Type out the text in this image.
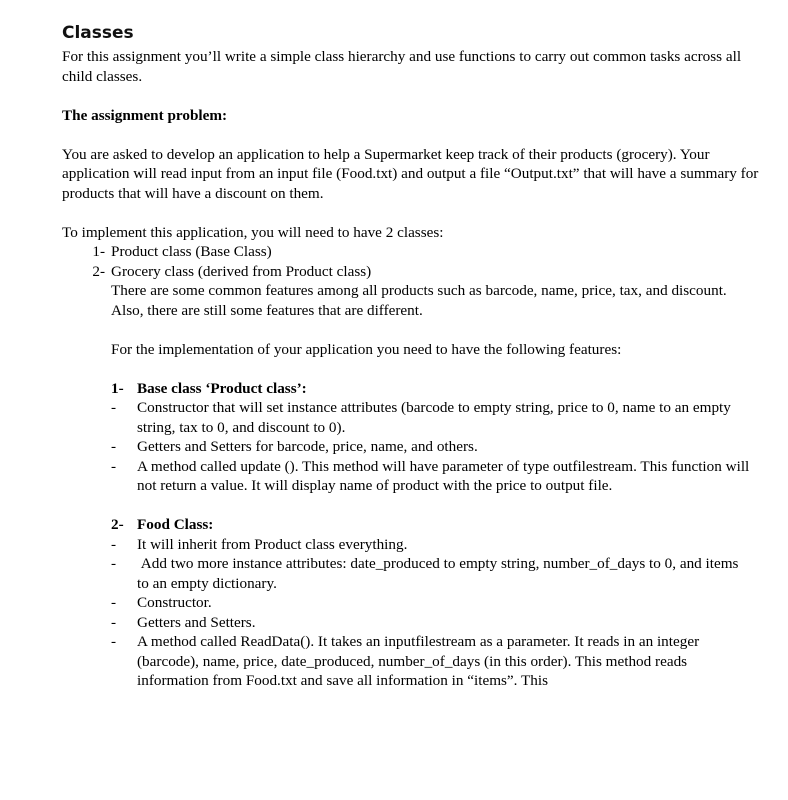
Classes

For this assignment you’ll write a simple class hierarchy and use functions to carry out common tasks across all child classes.

The assignment problem:

You are asked to develop an application to help a Supermarket keep track of their products (grocery). Your application will read input from an input file (Food.txt) and output a file “Output.txt” that will have a summary for products that will have a discount on them.

To implement this application, you will need to have 2 classes:

1- Product class (Base Class)
2- Grocery class (derived from Product class)

There are some common features among all products such as barcode, name, price, tax, and discount. Also, there are still some features that are different.

For the implementation of your application you need to have the following features:

1- Base class ‘Product class’:
-	Constructor that will set instance attributes (barcode to empty string, price to 0, name to an empty string, tax to 0, and discount to 0).
-	Getters and Setters for barcode, price, name, and others.
-	A method called update (). This method will have parameter of type outfilestream. This function will not return a value. It will display name of product with the price to output file.
2- Food Class:
-	It will inherit from Product class everything.
-	Add two more instance attributes: date_produced to empty string, number_of_days to 0, and items to an empty dictionary.
-	Constructor.
-	Getters and Setters.
-	A method called ReadData(). It takes an inputfilestream as a parameter. It reads in an integer (barcode), name, price, date_produced, number_of_days (in this order). This method reads information from Food.txt and save all information in “items”. This
